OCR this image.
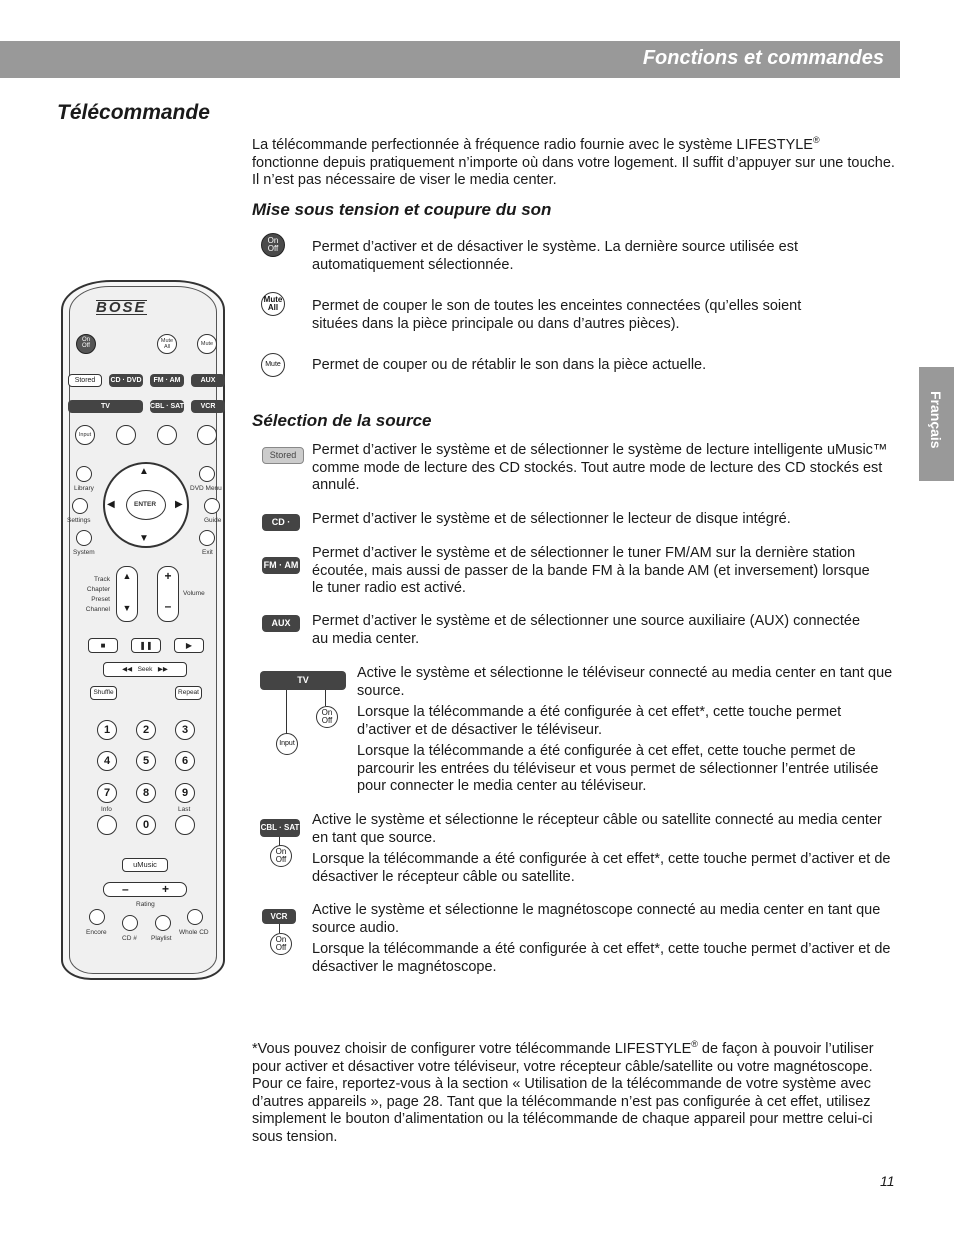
Fonctions et commandes
Français
Télécommande
La télécommande perfectionnée à fréquence radio fournie avec le système LIFESTYLE®
fonctionne depuis pratiquement n’importe où dans votre logement. Il suffit d’appuyer sur une touche. Il n’est pas nécessaire de viser le media center.
Mise sous tension et coupure du son
On
Off Permet d’activer et de désactiver le système. La dernière source utilisée est automatiquement sélectionnée.
Mute
All Permet de couper le son de toutes les enceintes connectées (qu’elles soient situées dans la pièce principale ou dans d’autres pièces).
Mute Permet de couper ou de rétablir le son dans la pièce actuelle.
Sélection de la source
Stored	Permet d’activer le système et de sélectionner le système de lecture intelligente uMusic™ comme mode de lecture des CD stockés. Tout autre mode de lecture des CD stockés est annulé.
CD · DVD
Permet d’activer le système et de sélectionner le lecteur de disque intégré.
FM · AM
Permet d’activer le système et de sélectionner le tuner FM/AM sur la dernière station écoutée, mais aussi de passer de la bande FM à la bande AM (et inversement) lorsque le tuner radio est activé.
AUX	Permet d’activer le système et de sélectionner une source auxiliaire (AUX) connectée au media center.
TV
On
Off
Input
Active le système et sélectionne le téléviseur connecté au media center en tant que source.
Lorsque la télécommande a été configurée à cet effet*, cette touche permet d’activer et de désactiver le téléviseur.
Lorsque la télécommande a été configurée à cet effet, cette touche permet de parcourir les entrées du téléviseur et vous permet de sélectionner l’entrée utilisée pour connecter le media center au téléviseur.
CBL · SAT
On
Off
Active le système et sélectionne le récepteur câble ou satellite connecté au media center en tant que source.
Lorsque la télécommande a été configurée à cet effet*, cette touche permet d’activer et de désactiver le récepteur câble ou satellite.
VCR
On
Off
Active le système et sélectionne le magnétoscope connecté au media center en tant que source audio.
Lorsque la télécommande a été configurée à cet effet*, cette touche permet d’activer et de désactiver le magnétoscope.
*Vous pouvez choisir de configurer votre télécommande LIFESTYLE® de façon à pouvoir l’utiliser pour activer et désactiver votre téléviseur, votre récepteur câble/satellite ou votre magnétoscope. Pour ce faire, reportez-vous à la section « Utilisation de la télécommande de votre système avec d’autres appareils », page 28. Tant que la télécommande n’est pas configurée à cet effet, utilisez simplement le bouton d’alimentation ou la télécommande de chaque appareil pour mettre celui-ci sous tension.
11
BOSE
On
Off
Mute
All	Mute
Stored	CD · DVD	FM · AM	AUX
TV	CBL · SAT	VCR
Input
Library	DVD Menu
Settings	Guide
System	Exit
▲
▼
◀	▶
ENTER
Track
Chapter
Preset
Channel
▲
▼
+
–
Volume
■	❚❚	▶
◀◀   Seek   ▶▶
Shuffle	Repeat
1	2	3
4	5	6
7	8	9
Info	Last
0
uMusic
–	+
Rating
Encore
CD # Playlist
Whole CD
